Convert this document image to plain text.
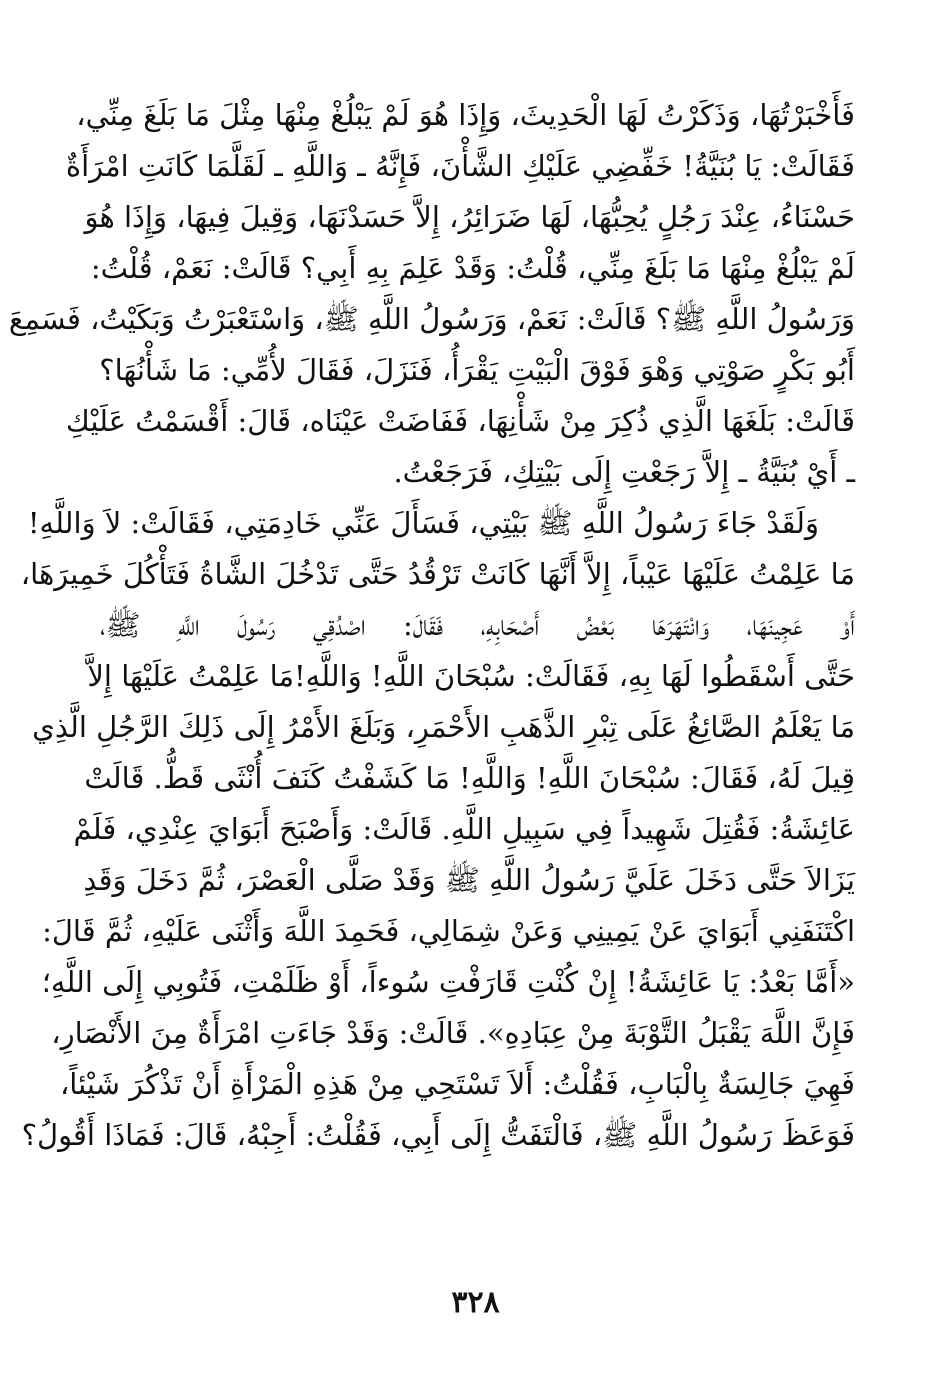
فَأَخْبَرْتُهَا، وَذَكَرْتُ لَهَا الْحَدِيثَ، وَإِذَا هُوَ لَمْ يَبْلُغْ مِنْهَا مِثْلَ مَا بَلَغَ مِنِّي،
فَقَالَتْ: يَا بُنَيَّةُ! خَفِّضِي عَلَيْكِ الشَّأْنَ، فَإِنَّهُ ـ وَاللَّهِ ـ لَقَلَّمَا كَانَتِ امْرَأَةٌ
حَسْنَاءُ، عِنْدَ رَجُلٍ يُحِبُّهَا، لَهَا ضَرَائِرُ، إِلاَّ حَسَدْنَهَا، وَقِيلَ فِيهَا، وَإِذَا هُوَ
لَمْ يَبْلُغْ مِنْهَا مَا بَلَغَ مِنِّي، قُلْتُ: وَقَدْ عَلِمَ بِهِ أَبِي؟ قَالَتْ: نَعَمْ، قُلْتُ:
وَرَسُولُ اللَّهِ ﷺ؟ قَالَتْ: نَعَمْ، وَرَسُولُ اللَّهِ ﷺ، وَاسْتَعْبَرْتُ وَبَكَيْتُ، فَسَمِعَ
أَبُو بَكْرٍ صَوْتِي وَهْوَ فَوْقَ الْبَيْتِ يَقْرَأُ، فَنَزَلَ، فَقَالَ لأُمِّي: مَا شَأْنُهَا؟
قَالَتْ: بَلَغَهَا الَّذِي ذُكِرَ مِنْ شَأْنِهَا، فَفَاضَتْ عَيْنَاه، قَالَ: أَقْسَمْتُ عَلَيْكِ
ـ أَيْ بُنَيَّةُ ـ إِلاَّ رَجَعْتِ إِلَى بَيْتِكِ، فَرَجَعْتُ.

وَلَقَدْ جَاءَ رَسُولُ اللَّهِ ﷺ بَيْتِي، فَسَأَلَ عَنِّي خَادِمَتِي، فَقَالَتْ: لاَ وَاللَّهِ!
مَا عَلِمْتُ عَلَيْهَا عَيْباً، إِلاَّ أَنَّهَا كَانَتْ تَرْقُدُ حَتَّى تَدْخُلَ الشَّاةُ فَتَأْكُلَ خَمِيرَهَا،
أَوْ عَجِينَهَا، وَانْتَهَرَهَا بَعْضُ أَصْحَابِهِ، فَقَالَ: اصْدُقِي رَسُولَ اللَّهِ ﷺ،
حَتَّى أَسْقَطُوا لَهَا بِهِ، فَقَالَتْ: سُبْحَانَ اللَّهِ! وَاللَّهِ!مَا عَلِمْتُ عَلَيْهَا إِلاَّ
مَا يَعْلَمُ الصَّائِغُ عَلَى تِبْرِ الذَّهَبِ الأَحْمَرِ، وَبَلَغَ الأَمْرُ إِلَى ذَلِكَ الرَّجُلِ الَّذِي
قِيلَ لَهُ، فَقَالَ: سُبْحَانَ اللَّهِ! وَاللَّهِ! مَا كَشَفْتُ كَنَفَ أُنْثَى قَطُّ. قَالَتْ
عَائِشَةُ: فَقُتِلَ شَهِيداً فِي سَبِيلِ اللَّهِ. قَالَتْ: وَأَصْبَحَ أَبَوَايَ عِنْدِي، فَلَمْ
يَزَالاَ حَتَّى دَخَلَ عَلَيَّ رَسُولُ اللَّهِ ﷺ وَقَدْ صَلَّى الْعَصْرَ، ثُمَّ دَخَلَ وَقَدِ
اكْتَنَفَنِي أَبَوَايَ عَنْ يَمِينِي وَعَنْ شِمَالِي، فَحَمِدَ اللَّهَ وَأَثْنَى عَلَيْهِ، ثُمَّ قَالَ:
«أَمَّا بَعْدُ: يَا عَائِشَةُ! إِنْ كُنْتِ قَارَفْتِ سُوءاً، أَوْ ظَلَمْتِ، فَتُوبِي إِلَى اللَّهِ؛
فَإِنَّ اللَّهَ يَقْبَلُ التَّوْبَةَ مِنْ عِبَادِهِ». قَالَتْ: وَقَدْ جَاءَتِ امْرَأَةٌ مِنَ الأَنْصَارِ،
فَهِيَ جَالِسَةٌ بِالْبَابِ، فَقُلْتُ: أَلاَ تَسْتَحِي مِنْ هَذِهِ الْمَرْأَةِ أَنْ تَذْكُرَ شَيْئاً،
فَوَعَظَ رَسُولُ اللَّهِ ﷺ، فَالْتَفَتُّ إِلَى أَبِي، فَقُلْتُ: أَجِبْهُ، قَالَ: فَمَاذَا أَقُولُ؟

٣٢٨
